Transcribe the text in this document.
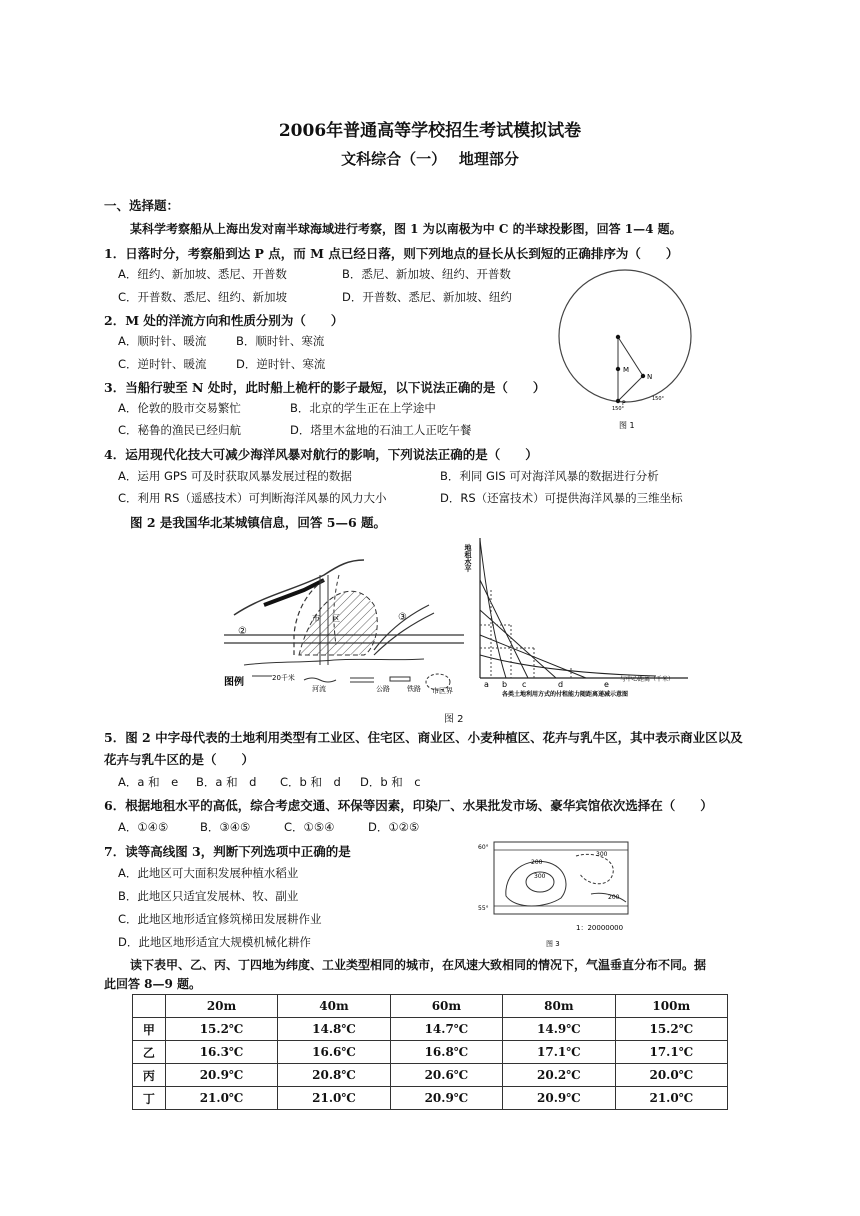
2006年普通高等学校招生考试模拟试卷
文科综合（一）　 地理部分
一、选择题：
某科学考察船从上海出发对南半球海域进行考察，图 1 为以南极为中 C 的半球投影图，回答 1—4 题。
1．日落时分，考察船到达 P 点，而 M 点已经日落，则下列地点的昼长从长到短的正确排序为（　　）
A．纽约、新加坡、悉尼、开普数	B．悉尼、新加坡、纽约、开普数
C．开普数、悉尼、纽约、新加坡	D．开普数、悉尼、新加坡、纽约
2．M 处的洋流方向和性质分别为（　　）
A．顺时针、暖流	B．顺时针、寒流
C．逆时针、暖流	D．逆时针、寒流
3．当船行驶至 N 处时，此时船上桅杆的影子最短，以下说法正确的是（　　）
A．伦敦的股市交易繁忙	B．北京的学生正在上学途中
C．秘鲁的渔民已经归航	D．塔里木盆地的石油工人正吃午餐
4．运用现代化技大可减少海洋风暴对航行的影响，下列说法正确的是（　　）
A．运用 GPS 可及时获取风暴发展过程的数据	B．利同 GIS 可对海洋风暴的数据进行分析
C．利用 RS（遥感技术）可判断海洋风暴的风力大小	D．RS（还富技术）可提供海洋风暴的三维坐标
M
N
P
150°
150°
图 1
图 2 是我国华北某城镇信息，回答 5—6 题。
市 区
②
③
图例	20千米
河流	公路 铁路 市区界
地租水平
a b c	d	e
与中心距离（千米）
各类土地利用方式的付租能力随距离递减示意图
图 2
5．图 2 中字母代表的土地利用类型有工业区、住宅区、商业区、小麦种植区、花卉与乳牛区，其中表示商业区以及
花卉与乳牛区的是（　　）
A．a 和　e B．a 和　d C．b 和　d D．b 和　c
6．根据地租水平的高低，综合考虑交通、环保等因素，印染厂、水果批发市场、豪华宾馆依次选择在（　　）
A．①④⑤	B．③④⑤	C．①⑤④	D．①②⑤
7．读等高线图 3，判断下列选项中正确的是
A．此地区可大面积发展种植水稻业
B．此地区只适宜发展林、牧、副业
C．此地区地形适宜修筑梯田发展耕作业
D．此地区地形适宜大规模机械化耕作
60°
55°
200
300
200
300
1：20000000
图 3
读下表甲、乙、丙、丁四地为纬度、工业类型相同的城市，在风速大致相同的情况下，气温垂直分布不同。据
此回答 8—9 题。
	20m	40m	60m	80m	100m
甲	15.2℃	14.8℃	14.7℃	14.9℃	15.2℃
乙	16.3℃	16.6℃	16.8℃	17.1℃	17.1℃
丙	20.9℃	20.8℃	20.6℃	20.2℃	20.0℃
丁	21.0℃	21.0℃	20.9℃	20.9℃	21.0℃
